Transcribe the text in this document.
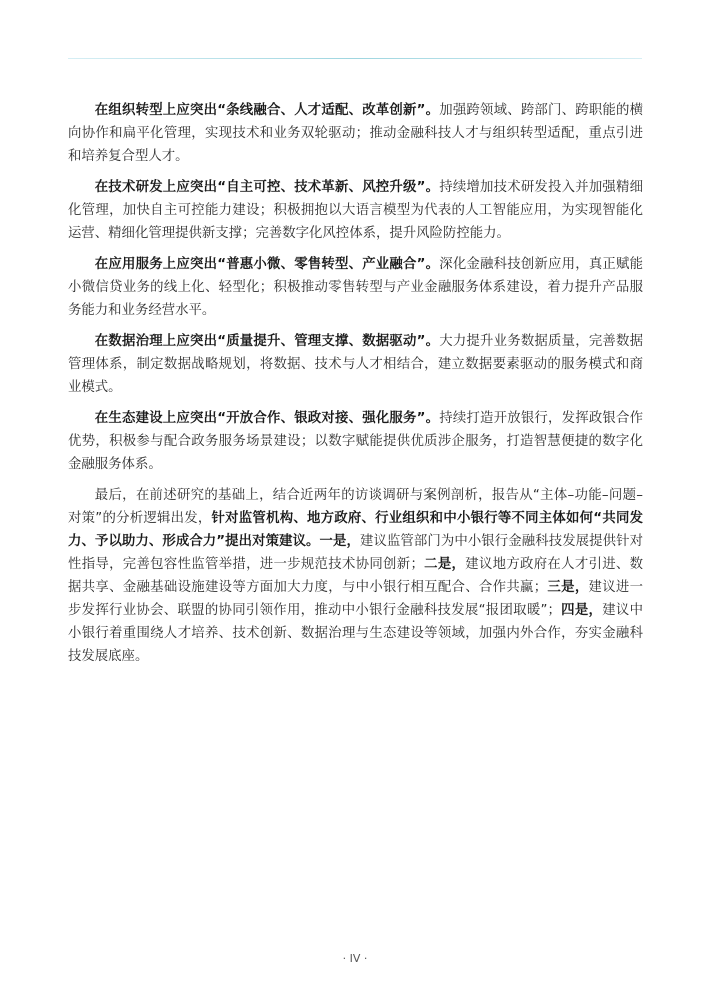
在组织转型上应突出“条线融合、人才适配、改革创新”。加强跨领域、跨部门、跨职能的横向协作和扁平化管理，实现技术和业务双轮驱动；推动金融科技人才与组织转型适配，重点引进和培养复合型人才。

在技术研发上应突出“自主可控、技术革新、风控升级”。持续增加技术研发投入并加强精细化管理，加快自主可控能力建设；积极拥抱以大语言模型为代表的人工智能应用，为实现智能化运营、精细化管理提供新支撑；完善数字化风控体系，提升风险防控能力。

在应用服务上应突出“普惠小微、零售转型、产业融合”。深化金融科技创新应用，真正赋能小微信贷业务的线上化、轻型化；积极推动零售转型与产业金融服务体系建设，着力提升产品服务能力和业务经营水平。

在数据治理上应突出“质量提升、管理支撑、数据驱动”。大力提升业务数据质量，完善数据管理体系，制定数据战略规划，将数据、技术与人才相结合，建立数据要素驱动的服务模式和商业模式。

在生态建设上应突出“开放合作、银政对接、强化服务”。持续打造开放银行，发挥政银合作优势，积极参与配合政务服务场景建设；以数字赋能提供优质涉企服务，打造智慧便捷的数字化金融服务体系。

最后，在前述研究的基础上，结合近两年的访谈调研与案例剖析，报告从“主体–功能–问题–对策”的分析逻辑出发，针对监管机构、地方政府、行业组织和中小银行等不同主体如何“共同发力、予以助力、形成合力”提出对策建议。一是，建议监管部门为中小银行金融科技发展提供针对性指导，完善包容性监管举措，进一步规范技术协同创新；二是，建议地方政府在人才引进、数据共享、金融基础设施建设等方面加大力度，与中小银行相互配合、合作共赢；三是，建议进一步发挥行业协会、联盟的协同引领作用，推动中小银行金融科技发展“报团取暖”；四是，建议中小银行着重围绕人才培养、技术创新、数据治理与生态建设等领域，加强内外合作，夯实金融科技发展底座。

· IV ·
